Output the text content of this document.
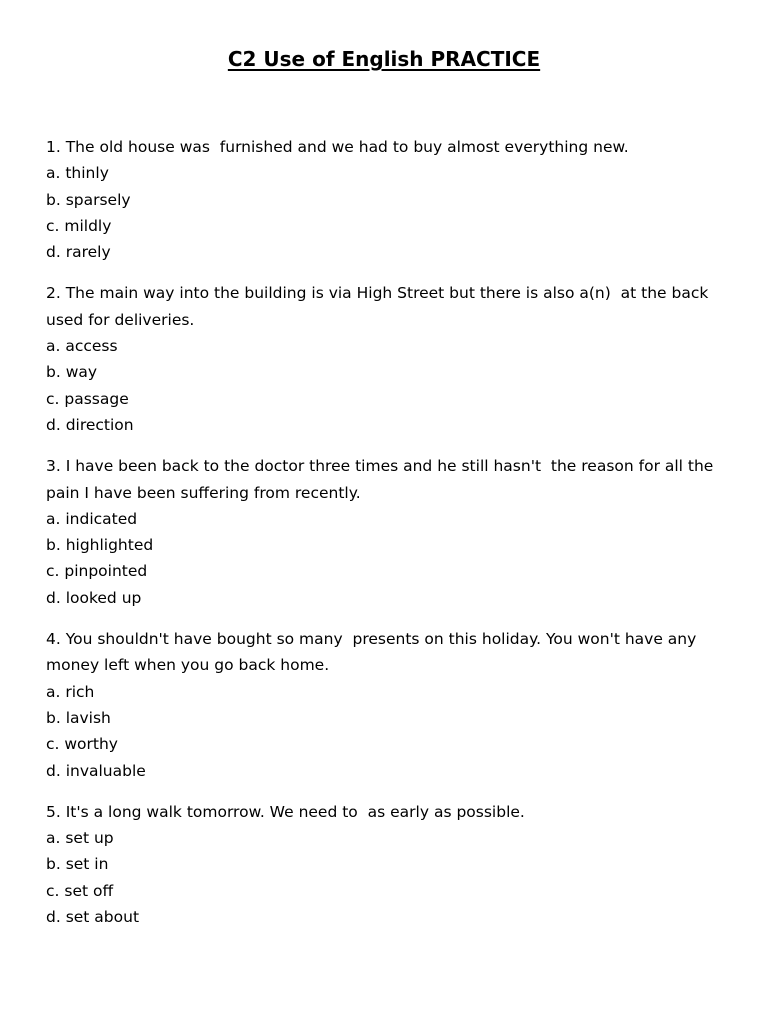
C2 Use of English PRACTICE

1. The old house was  furnished and we had to buy almost everything new.

a. thinly
b. sparsely
c. mildly
d. rarely

2. The main way into the building is via High Street but there is also a(n)  at the back used for deliveries.

a. access
b. way
c. passage
d. direction

3. I have been back to the doctor three times and he still hasn't  the reason for all the pain I have been suffering from recently.

a. indicated
b. highlighted
c. pinpointed
d. looked up

4. You shouldn't have bought so many  presents on this holiday. You won't have any money left when you go back home.

a. rich
b. lavish
c. worthy
d. invaluable

5. It's a long walk tomorrow. We need to  as early as possible.

a. set up
b. set in
c. set off
d. set about
